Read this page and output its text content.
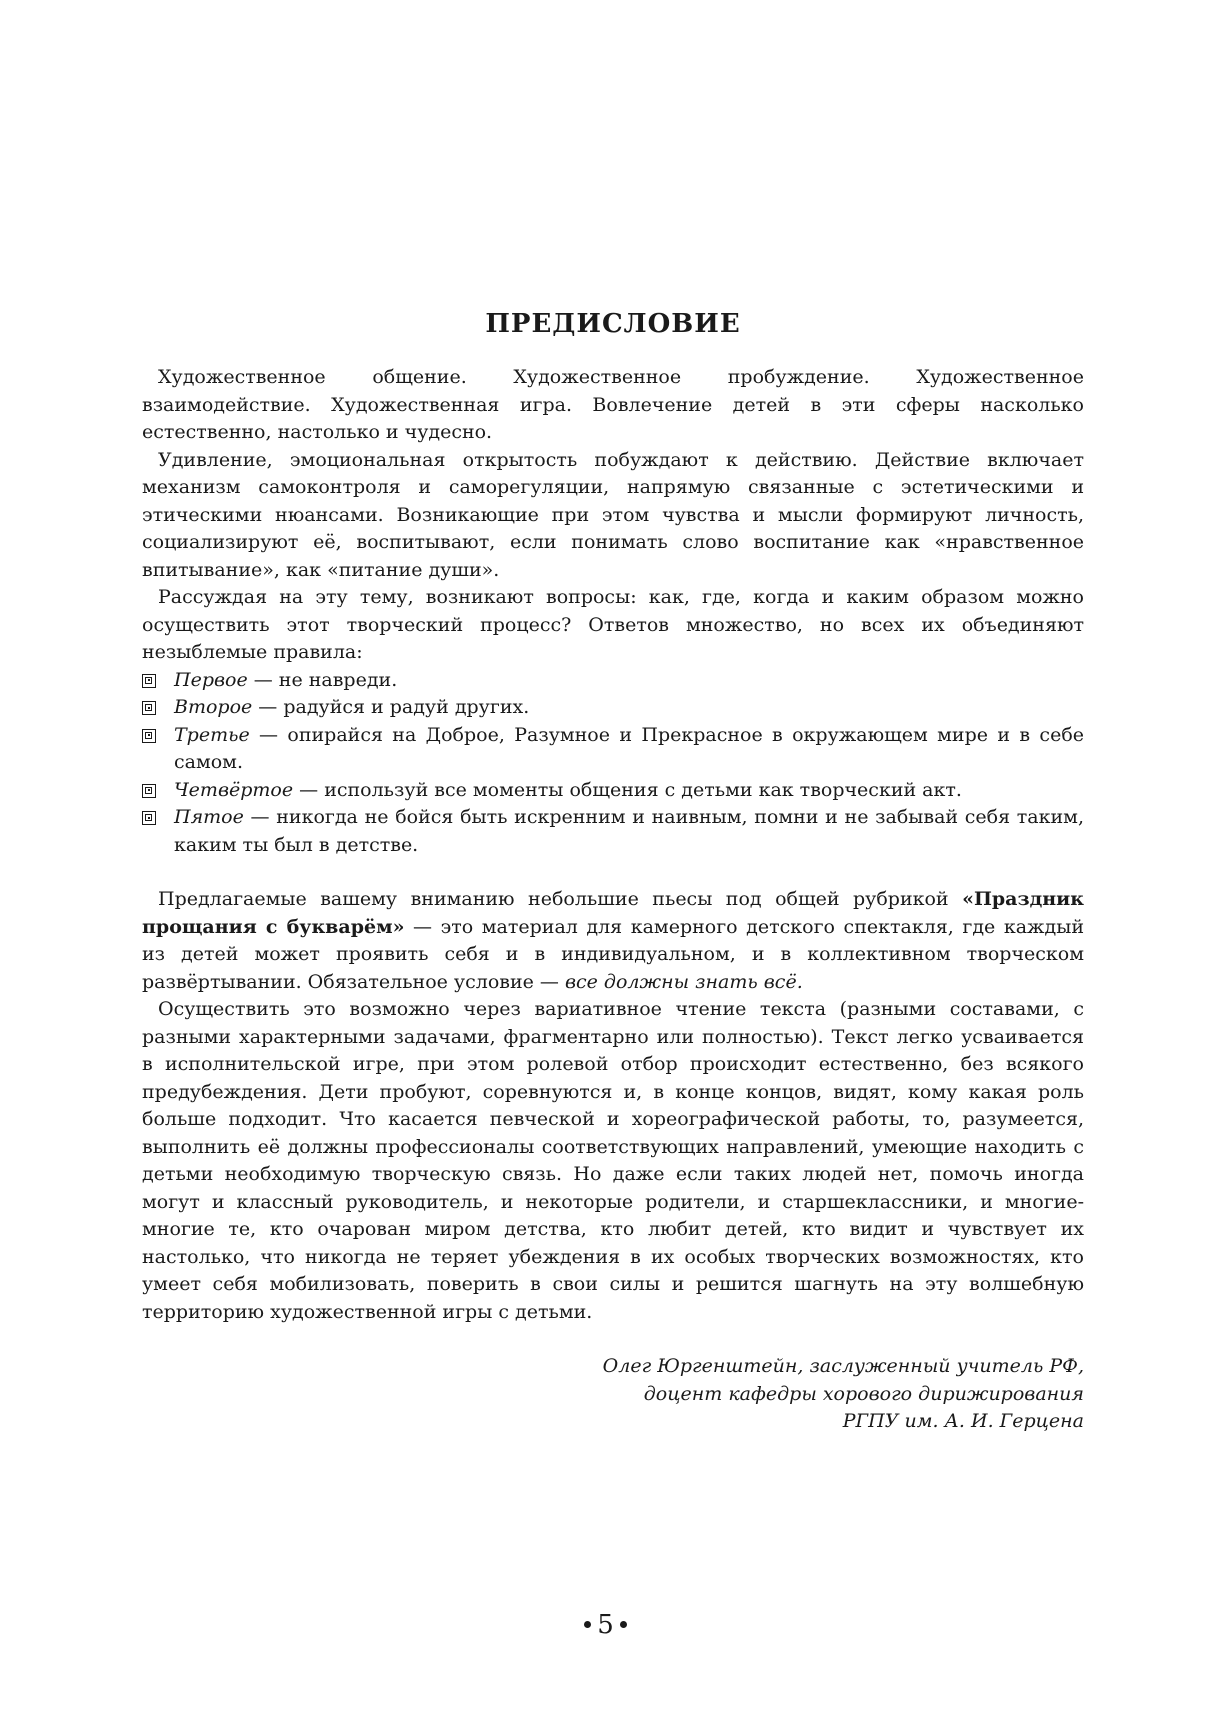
ПРЕДИСЛОВИЕ

Художественное общение. Художественное пробуждение. Художественное взаимодействие. Художественная игра. Вовлечение детей в эти сферы насколько естественно, настолько и чудесно.

Удивление, эмоциональная открытость побуждают к действию. Действие включает механизм самоконтроля и саморегуляции, напрямую связанные с эстетическими и этическими нюансами. Возникающие при этом чувства и мысли формируют личность, социализируют её, воспитывают, если понимать слово воспитание как «нравственное впитывание», как «питание души».

Рассуждая на эту тему, возникают вопросы: как, где, когда и каким образом можно осуществить этот творческий процесс? Ответов множество, но всех их объединяют незыблемые правила:

Первое — не навреди.
Второе — радуйся и радуй других.
Третье — опирайся на Доброе, Разумное и Прекрасное в окружающем мире и в себе самом.
Четвёртое — используй все моменты общения с детьми как творческий акт.
Пятое — никогда не бойся быть искренним и наивным, помни и не забывай себя таким, каким ты был в детстве.

Предлагаемые вашему вниманию небольшие пьесы под общей рубрикой «Праздник прощания с букварём» — это материал для камерного детского спектакля, где каждый из детей может проявить себя и в индивидуальном, и в коллективном творческом развёртывании. Обязательное условие — все должны знать всё.

Осуществить это возможно через вариативное чтение текста (разными составами, с разными характерными задачами, фрагментарно или полностью). Текст легко усваивается в исполнительской игре, при этом ролевой отбор происходит естественно, без всякого предубеждения. Дети пробуют, соревнуются и, в конце концов, видят, кому какая роль больше подходит. Что касается певческой и хореографической работы, то, разумеется, выполнить её должны профессионалы соответствующих направлений, умеющие находить с детьми необходимую творческую связь. Но даже если таких людей нет, помочь иногда могут и классный руководитель, и некоторые родители, и старшеклассники, и многие-многие те, кто очарован миром детства, кто любит детей, кто видит и чувствует их настолько, что никогда не теряет убеждения в их особых творческих возможностях, кто умеет себя мобилизовать, поверить в свои силы и решится шагнуть на эту волшебную территорию художественной игры с детьми.

Олег Юргенштейн, заслуженный учитель РФ,
доцент кафедры хорового дирижирования
РГПУ им. А. И. Герцена
5
